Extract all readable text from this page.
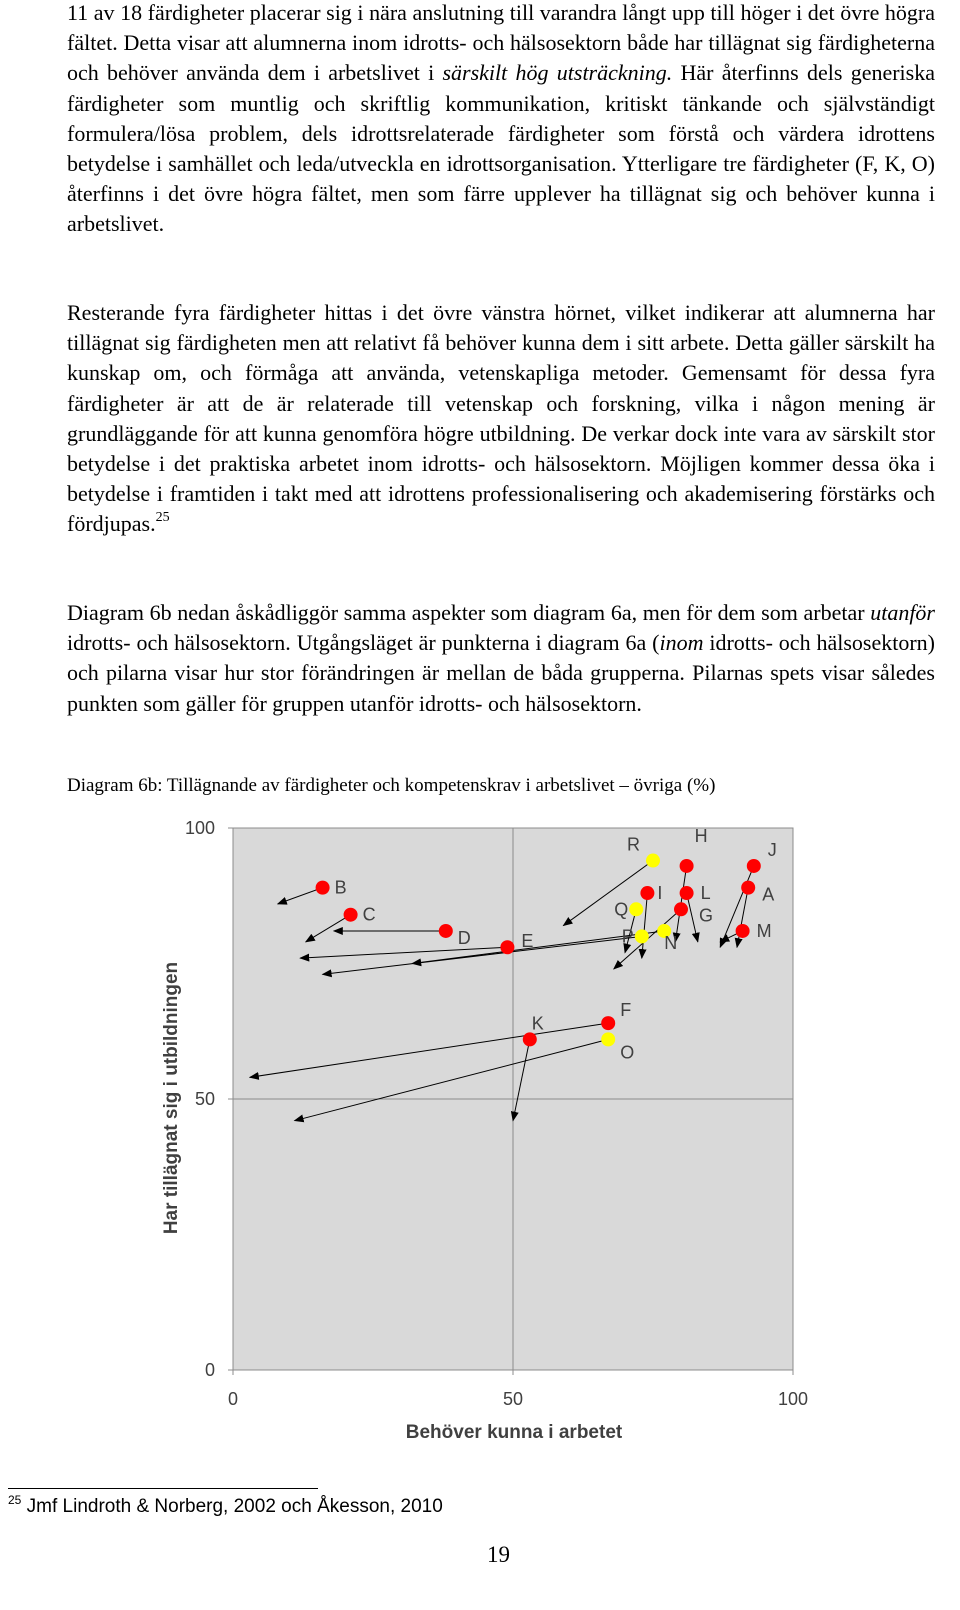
11 av 18 färdigheter placerar sig i nära anslutning till varandra långt upp till höger i det övre högra fältet. Detta visar att alumnerna inom idrotts- och hälsosektorn både har tillägnat sig färdigheterna och behöver använda dem i arbetslivet i särskilt hög utsträckning. Här återfinns dels generiska färdigheter som muntlig och skriftlig kommunikation, kritiskt tänkande och självständigt formulera/lösa problem, dels idrottsrelaterade färdigheter som förstå och värdera idrottens betydelse i samhället och leda/utveckla en idrottsorganisation. Ytterligare tre färdigheter (F, K, O) återfinns i det övre högra fältet, men som färre upplever ha tillägnat sig och behöver kunna i arbetslivet.

Resterande fyra färdigheter hittas i det övre vänstra hörnet, vilket indikerar att alumnerna har tillägnat sig färdigheten men att relativt få behöver kunna dem i sitt arbete. Detta gäller särskilt ha kunskap om, och förmåga att använda, vetenskapliga metoder. Gemensamt för dessa fyra färdigheter är att de är relaterade till vetenskap och forskning, vilka i någon mening är grundläggande för att kunna genomföra högre utbildning. De verkar dock inte vara av särskilt stor betydelse i det praktiska arbetet inom idrotts- och hälsosektorn. Möjligen kommer dessa öka i betydelse i framtiden i takt med att idrottens professionalisering och akademisering förstärks och fördjupas.$^{25}$

Diagram 6b nedan åskådliggör samma aspekter som diagram 6a, men för dem som arbetar utanför idrotts- och hälsosektorn. Utgångsläget är punkterna i diagram 6a (inom idrotts- och hälsosektorn) och pilarna visar hur stor förändringen är mellan de båda grupperna. Pilarnas spets visar således punkten som gäller för gruppen utanför idrotts- och hälsosektorn.

Diagram 6b: Tillägnande av färdigheter och kompetenskrav i arbetslivet – övriga (%)
0	50	100
0
50
100
B
C
D	E
F
G
H
I
J
K
L
M
A
N
O
P
Q
R
Behöver kunna i arbetet
Har tillägnat sig i utbildningen
$^{25}$ Jmf Lindroth & Norberg, 2002 och Åkesson, 2010
19
